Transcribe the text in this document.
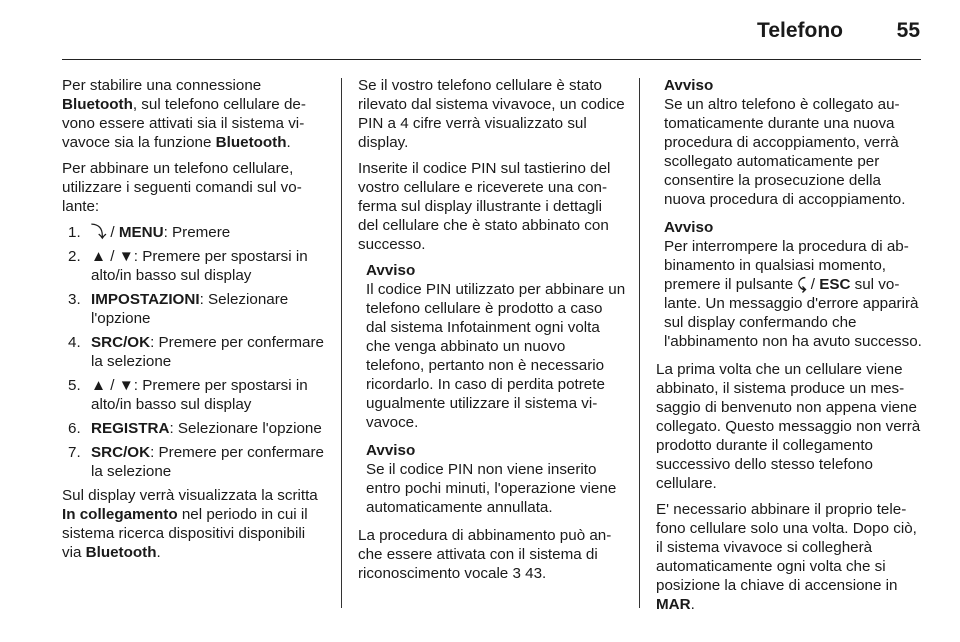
Telefono	55

Per stabilire una connessione Bluetooth, sul telefono cellulare devono essere attivati sia il sistema vivavoce sia la funzione Bluetooth.

Per abbinare un telefono cellulare, utilizzare i seguenti comandi sul volante:

1. ⤵ / MENU: Premere
2. ▲ / ▼: Premere per spostarsi in alto/in basso sul display
3. IMPOSTAZIONI: Selezionare l'opzione
4. SRC/OK: Premere per confermare la selezione
5. ▲ / ▼: Premere per spostarsi in alto/in basso sul display
6. REGISTRA: Selezionare l'opzione
7. SRC/OK: Premere per confermare la selezione

Sul display verrà visualizzata la scritta In collegamento nel periodo in cui il sistema ricerca dispositivi disponibili via Bluetooth.

Se il vostro telefono cellulare è stato rilevato dal sistema vivavoce, un codice PIN a 4 cifre verrà visualizzato sul display.

Inserite il codice PIN sul tastierino del vostro cellulare e riceverete una conferma sul display illustrante i dettagli del cellulare che è stato abbinato con successo.

Avviso
Il codice PIN utilizzato per abbinare un telefono cellulare è prodotto a caso dal sistema Infotainment ogni volta che venga abbinato un nuovo telefono, pertanto non è necessario ricordarlo. In caso di perdita potrete ugualmente utilizzare il sistema vivavoce.
Avviso
Se il codice PIN non viene inserito entro pochi minuti, l'operazione viene automaticamente annullata.

La procedura di abbinamento può anche essere attivata con il sistema di riconoscimento vocale 3 43.

Avviso
Se un altro telefono è collegato automaticamente durante una nuova procedura di accoppiamento, verrà scollegato automaticamente per consentire la prosecuzione della nuova procedura di accoppiamento.
Avviso
Per interrompere la procedura di abbinamento in qualsiasi momento, premere il pulsante ⤹ / ESC sul volante. Un messaggio d'errore apparirà sul display confermando che l'abbinamento non ha avuto successo.

La prima volta che un cellulare viene abbinato, il sistema produce un messaggio di benvenuto non appena viene collegato. Questo messaggio non verrà prodotto durante il collegamento successivo dello stesso telefono cellulare.

E' necessario abbinare il proprio telefono cellulare solo una volta. Dopo ciò, il sistema vivavoce si collegherà automaticamente ogni volta che si posizione la chiave di accensione in MAR.
